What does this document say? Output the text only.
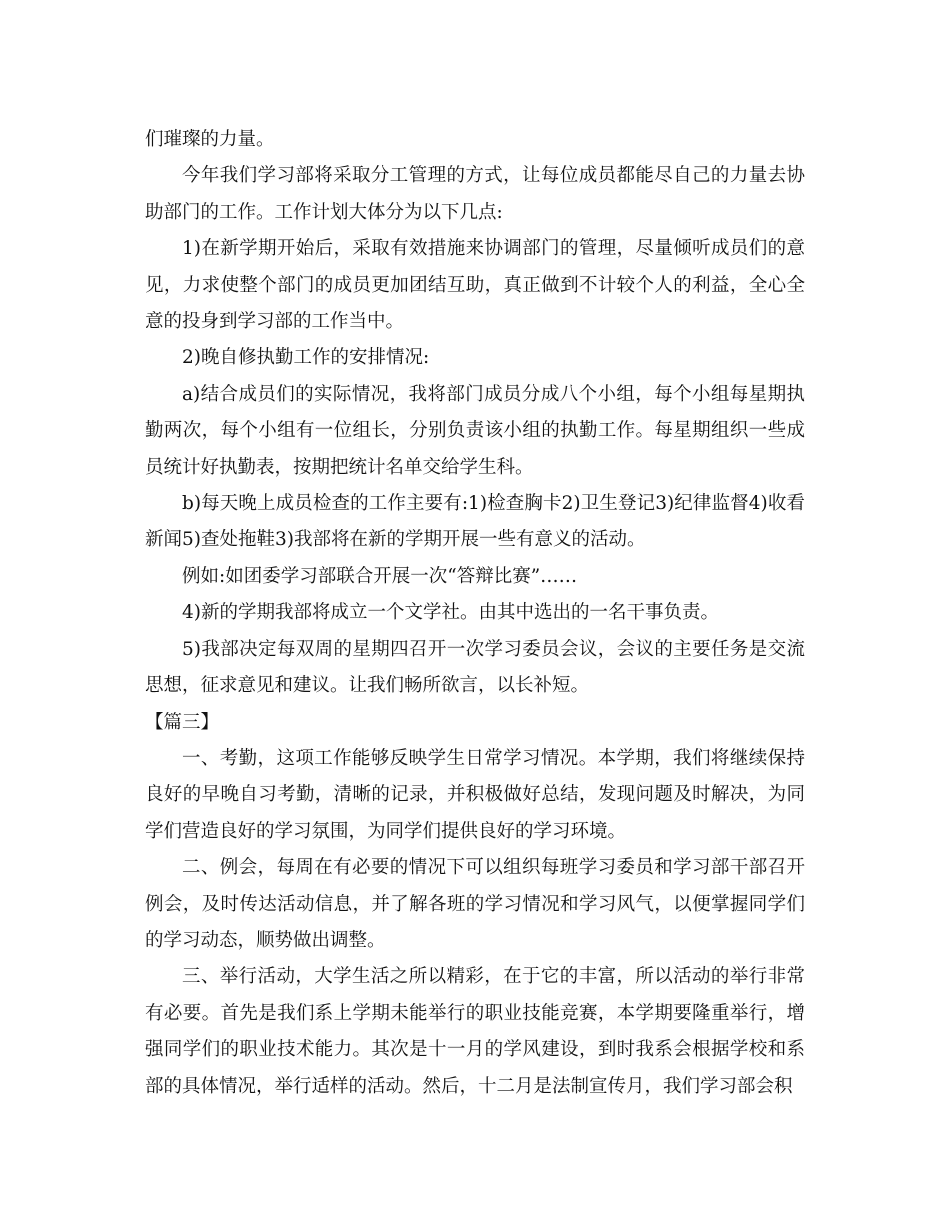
们璀璨的力量。

今年我们学习部将采取分工管理的方式，让每位成员都能尽自己的力量去协助部门的工作。工作计划大体分为以下几点:

1)在新学期开始后，采取有效措施来协调部门的管理，尽量倾听成员们的意见，力求使整个部门的成员更加团结互助，真正做到不计较个人的利益，全心全意的投身到学习部的工作当中。

2)晚自修执勤工作的安排情况:

a)结合成员们的实际情况，我将部门成员分成八个小组，每个小组每星期执勤两次，每个小组有一位组长，分别负责该小组的执勤工作。每星期组织一些成员统计好执勤表，按期把统计名单交给学生科。

b)每天晚上成员检查的工作主要有:1)检查胸卡2)卫生登记3)纪律监督4)收看新闻5)查处拖鞋3)我部将在新的学期开展一些有意义的活动。

例如:如团委学习部联合开展一次“答辩比赛”……

4)新的学期我部将成立一个文学社。由其中选出的一名干事负责。

5)我部决定每双周的星期四召开一次学习委员会议，会议的主要任务是交流思想，征求意见和建议。让我们畅所欲言，以长补短。

【篇三】

一、考勤，这项工作能够反映学生日常学习情况。本学期，我们将继续保持良好的早晚自习考勤，清晰的记录，并积极做好总结，发现问题及时解决，为同学们营造良好的学习氛围，为同学们提供良好的学习环境。

二、例会，每周在有必要的情况下可以组织每班学习委员和学习部干部召开例会，及时传达活动信息，并了解各班的学习情况和学习风气，以便掌握同学们的学习动态，顺势做出调整。

三、举行活动，大学生活之所以精彩，在于它的丰富，所以活动的举行非常有必要。首先是我们系上学期未能举行的职业技能竞赛，本学期要隆重举行，增强同学们的职业技术能力。其次是十一月的学风建设，到时我系会根据学校和系部的具体情况，举行适样的活动。然后，十二月是法制宣传月，我们学习部会积
